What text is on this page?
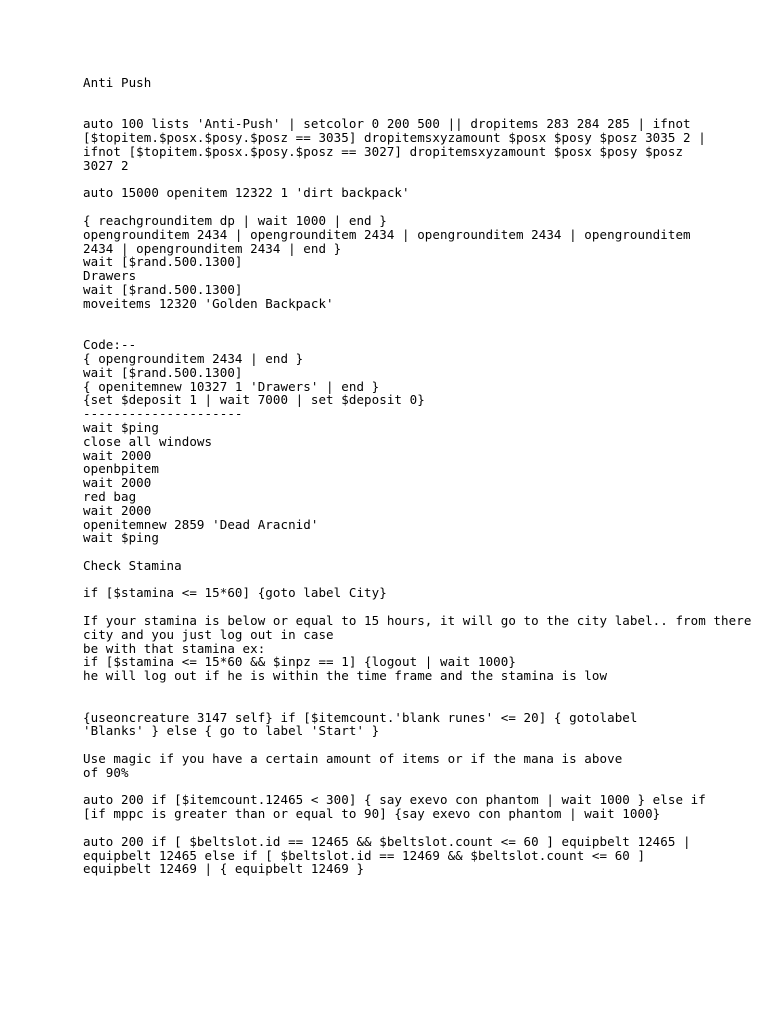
Anti Push
auto 100 lists 'Anti-Push' | setcolor 0 200 500 || dropitems 283 284 285 | ifnot
[$topitem.$posx.$posy.$posz == 3035] dropitemsxyzamount $posx $posy $posz 3035 2 |
ifnot [$topitem.$posx.$posy.$posz == 3027] dropitemsxyzamount $posx $posy $posz
3027 2
auto 15000 openitem 12322 1 'dirt backpack'
{ reachgrounditem dp | wait 1000 | end }
opengrounditem 2434 | opengrounditem 2434 | opengrounditem 2434 | opengrounditem
2434 | opengrounditem 2434 | end }
wait [$rand.500.1300]
Drawers
wait [$rand.500.1300]
moveitems 12320 'Golden Backpack'
Code:--
{ opengrounditem 2434 | end }
wait [$rand.500.1300]
{ openitemnew 10327 1 'Drawers' | end }
{set $deposit 1 | wait 7000 | set $deposit 0}
---------------------
wait $ping
close all windows
wait 2000
openbpitem
wait 2000
red bag
wait 2000
openitemnew 2859 'Dead Aracnid'
wait $ping
Check Stamina
if [$stamina <= 15*60] {goto label City}
If your stamina is below or equal to 15 hours, it will go to the city label.. from there
city and you just log out in case
be with that stamina ex:
if [$stamina <= 15*60 && $inpz == 1] {logout | wait 1000}
he will log out if he is within the time frame and the stamina is low
{useoncreature 3147 self} if [$itemcount.'blank runes' <= 20] { gotolabel
'Blanks' } else { go to label 'Start' }
Use magic if you have a certain amount of items or if the mana is above
of 90%
auto 200 if [$itemcount.12465 < 300] { say exevo con phantom | wait 1000 } else if
[if mppc is greater than or equal to 90] {say exevo con phantom | wait 1000}
auto 200 if [ $beltslot.id == 12465 && $beltslot.count <= 60 ] equipbelt 12465 |
equipbelt 12465 else if [ $beltslot.id == 12469 && $beltslot.count <= 60 ]
equipbelt 12469 | { equipbelt 12469 }
